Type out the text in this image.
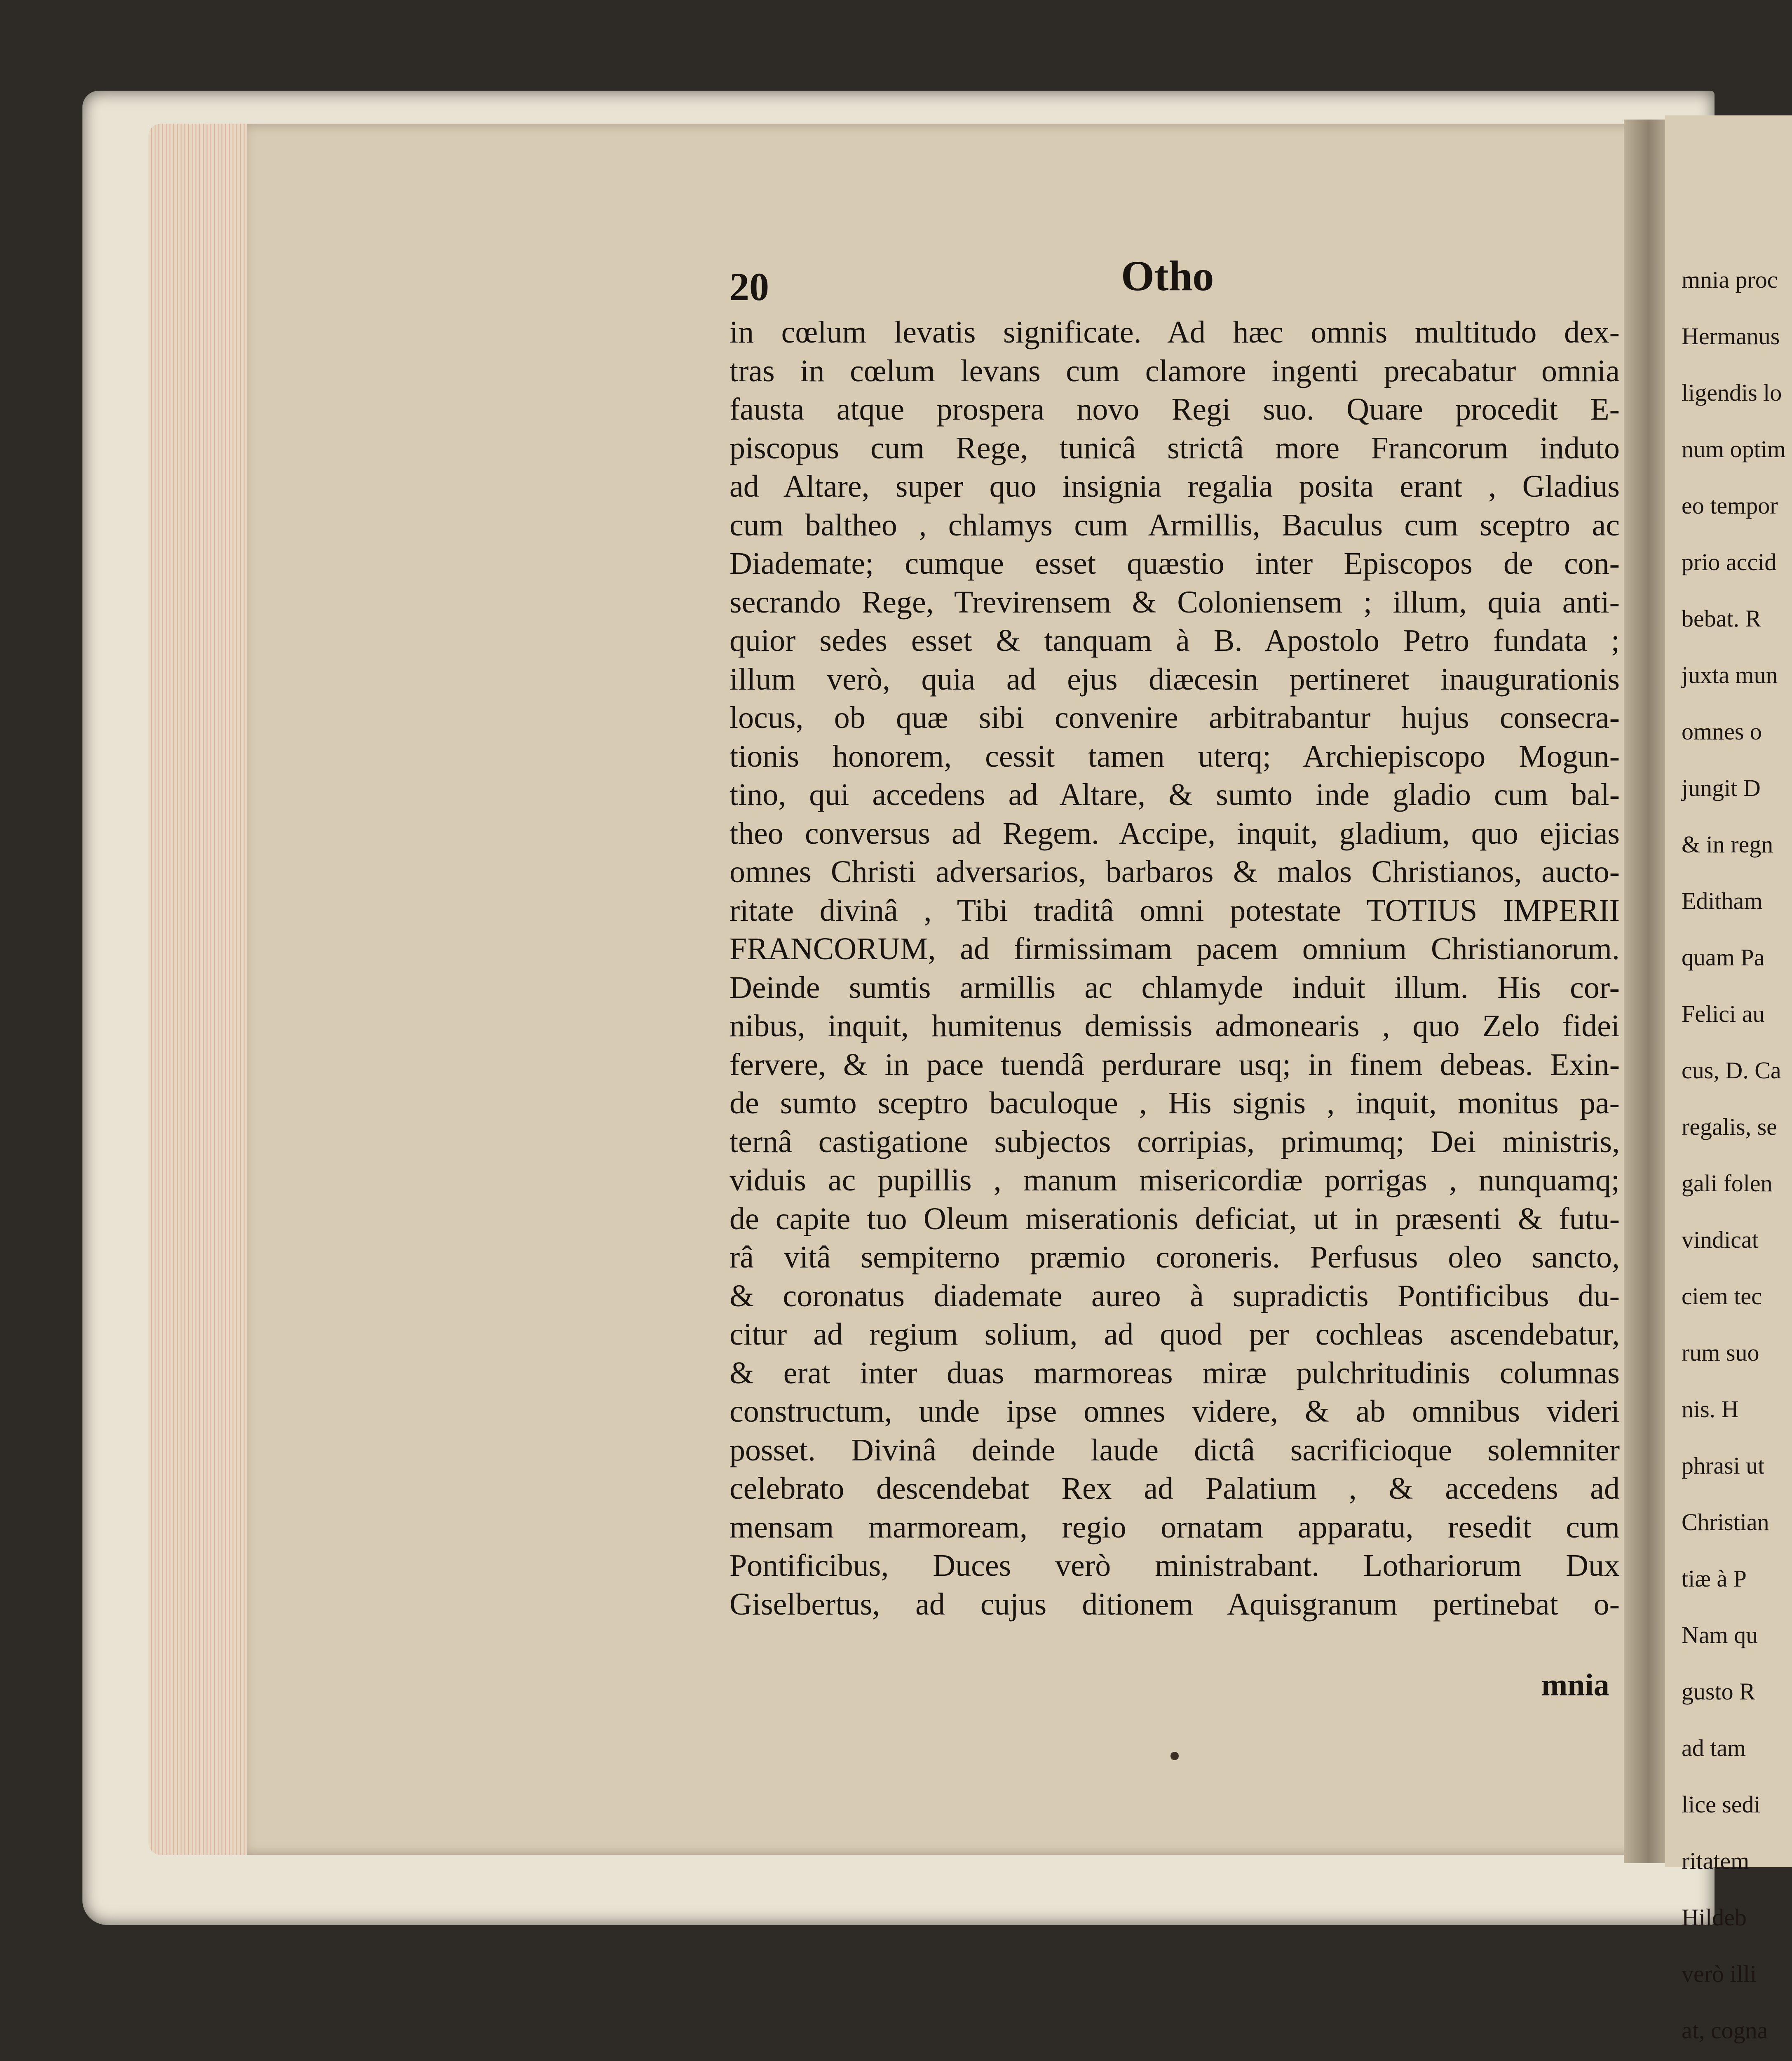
mnia proc
Hermanus
ligendis lo
num optim
eo tempor
prio accid
bebat. R
juxta mun
omnes o
jungit D
& in regn
Editham
quam Pa
Felici au
cus, D. Ca
regalis, se
gali folen
vindicat
ciem tec
rum suo
nis. H
phrasi ut
Christian
tiæ à P
Nam qu
gusto R
ad tam
lice sedi
ritatem
Hildeb
verò illi
at, cogna
20	Otho
in cœlum levatis significate. Ad hæc omnis multitudo dex-
tras in cœlum levans cum clamore ingenti precabatur omnia
fausta atque prospera novo Regi suo. Quare procedit E-
piscopus cum Rege, tunicâ strictâ more Francorum induto
ad Altare, super quo insignia regalia posita erant , Gladius
cum baltheo , chlamys cum Armillis, Baculus cum sceptro ac
Diademate; cumque esset quæstio inter Episcopos de con-
secrando Rege, Trevirensem & Coloniensem ; illum, quia anti-
quior sedes esset & tanquam à B. Apostolo Petro fundata ;
illum verò, quia ad ejus diæcesin pertineret inaugurationis
locus, ob quæ sibi convenire arbitrabantur hujus consecra-
tionis honorem, cessit tamen uterq; Archiepiscopo Mogun-
tino, qui accedens ad Altare, & sumto inde gladio cum bal-
theo conversus ad Regem. Accipe, inquit, gladium, quo ejicias
omnes Christi adversarios, barbaros & malos Christianos, aucto-
ritate divinâ , Tibi traditâ omni potestate TOTIUS IMPERII
FRANCORUM, ad firmissimam pacem omnium Christianorum.
Deinde sumtis armillis ac chlamyde induit illum. His cor-
nibus, inquit, humitenus demissis admonearis , quo Zelo fidei
fervere, & in pace tuendâ perdurare usq; in finem debeas. Exin-
de sumto sceptro baculoque , His signis , inquit, monitus pa-
ternâ castigatione subjectos corripias, primumq; Dei ministris,
viduis ac pupillis , manum misericordiæ porrigas , nunquamq;
de capite tuo Oleum miserationis deficiat, ut in præsenti & futu-
râ vitâ sempiterno præmio coroneris. Perfusus oleo sancto,
& coronatus diademate aureo à supradictis Pontificibus du-
citur ad regium solium, ad quod per cochleas ascendebatur,
& erat inter duas marmoreas miræ pulchritudinis columnas
constructum, unde ipse omnes videre, & ab omnibus videri
posset. Divinâ deinde laude dictâ sacrificioque solemniter
celebrato descendebat Rex ad Palatium , & accedens ad
mensam marmoream, regio ornatam apparatu, resedit cum
Pontificibus, Duces verò ministrabant. Lothariorum Dux
Giselbertus, ad cujus ditionem Aquisgranum pertinebat o-
mnia
